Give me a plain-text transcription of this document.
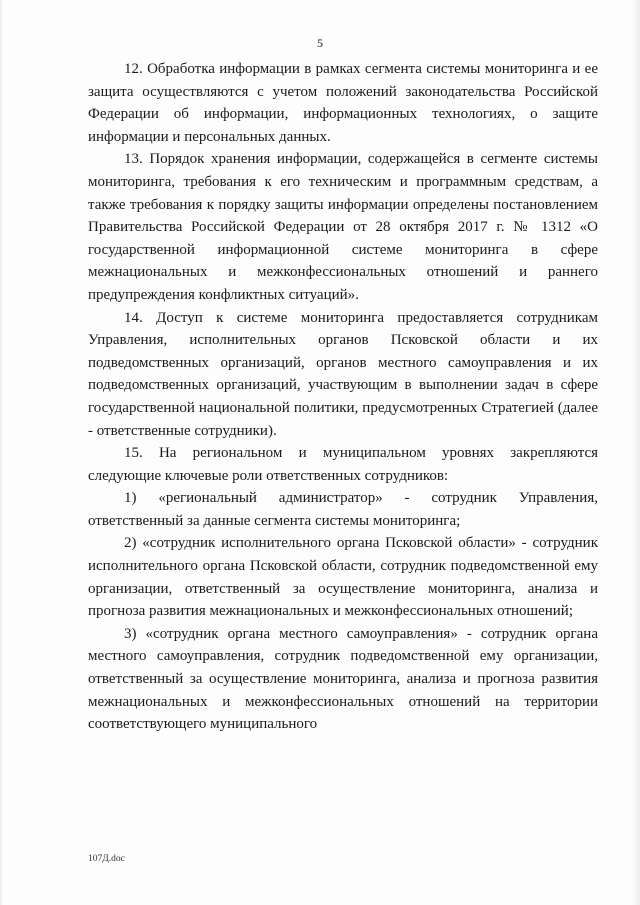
5

12. Обработка информации в рамках сегмента системы мониторинга и ее защита осуществляются с учетом положений законодательства Российской Федерации об информации, информационных технологиях, о защите информации и персональных данных.

13. Порядок хранения информации, содержащейся в сегменте системы мониторинга, требования к его техническим и программным средствам, а также требования к порядку защиты информации определены постановлением Правительства Российской Федерации от 28 октября 2017 г. № 1312 «О государственной информационной системе мониторинга в сфере межнациональных и межконфессиональных отношений и раннего предупреждения конфликтных ситуаций».

14. Доступ к системе мониторинга предоставляется сотрудникам Управления, исполнительных органов Псковской области и их подведомственных организаций, органов местного самоуправления и их подведомственных организаций, участвующим в выполнении задач в сфере государственной национальной политики, предусмотренных Стратегией (далее - ответственные сотрудники).

15. На региональном и муниципальном уровнях закрепляются следующие ключевые роли ответственных сотрудников:

1) «региональный администратор» - сотрудник Управления, ответственный за данные сегмента системы мониторинга;

2) «сотрудник исполнительного органа Псковской области» - сотрудник исполнительного органа Псковской области, сотрудник подведомственной ему организации, ответственный за осуществление мониторинга, анализа и прогноза развития межнациональных и межконфессиональных отношений;

3) «сотрудник органа местного самоуправления» - сотрудник органа местного самоуправления, сотрудник подведомственной ему организации, ответственный за осуществление мониторинга, анализа и прогноза развития межнациональных и межконфессиональных отношений на территории соответствующего муниципального

107Д.doc
